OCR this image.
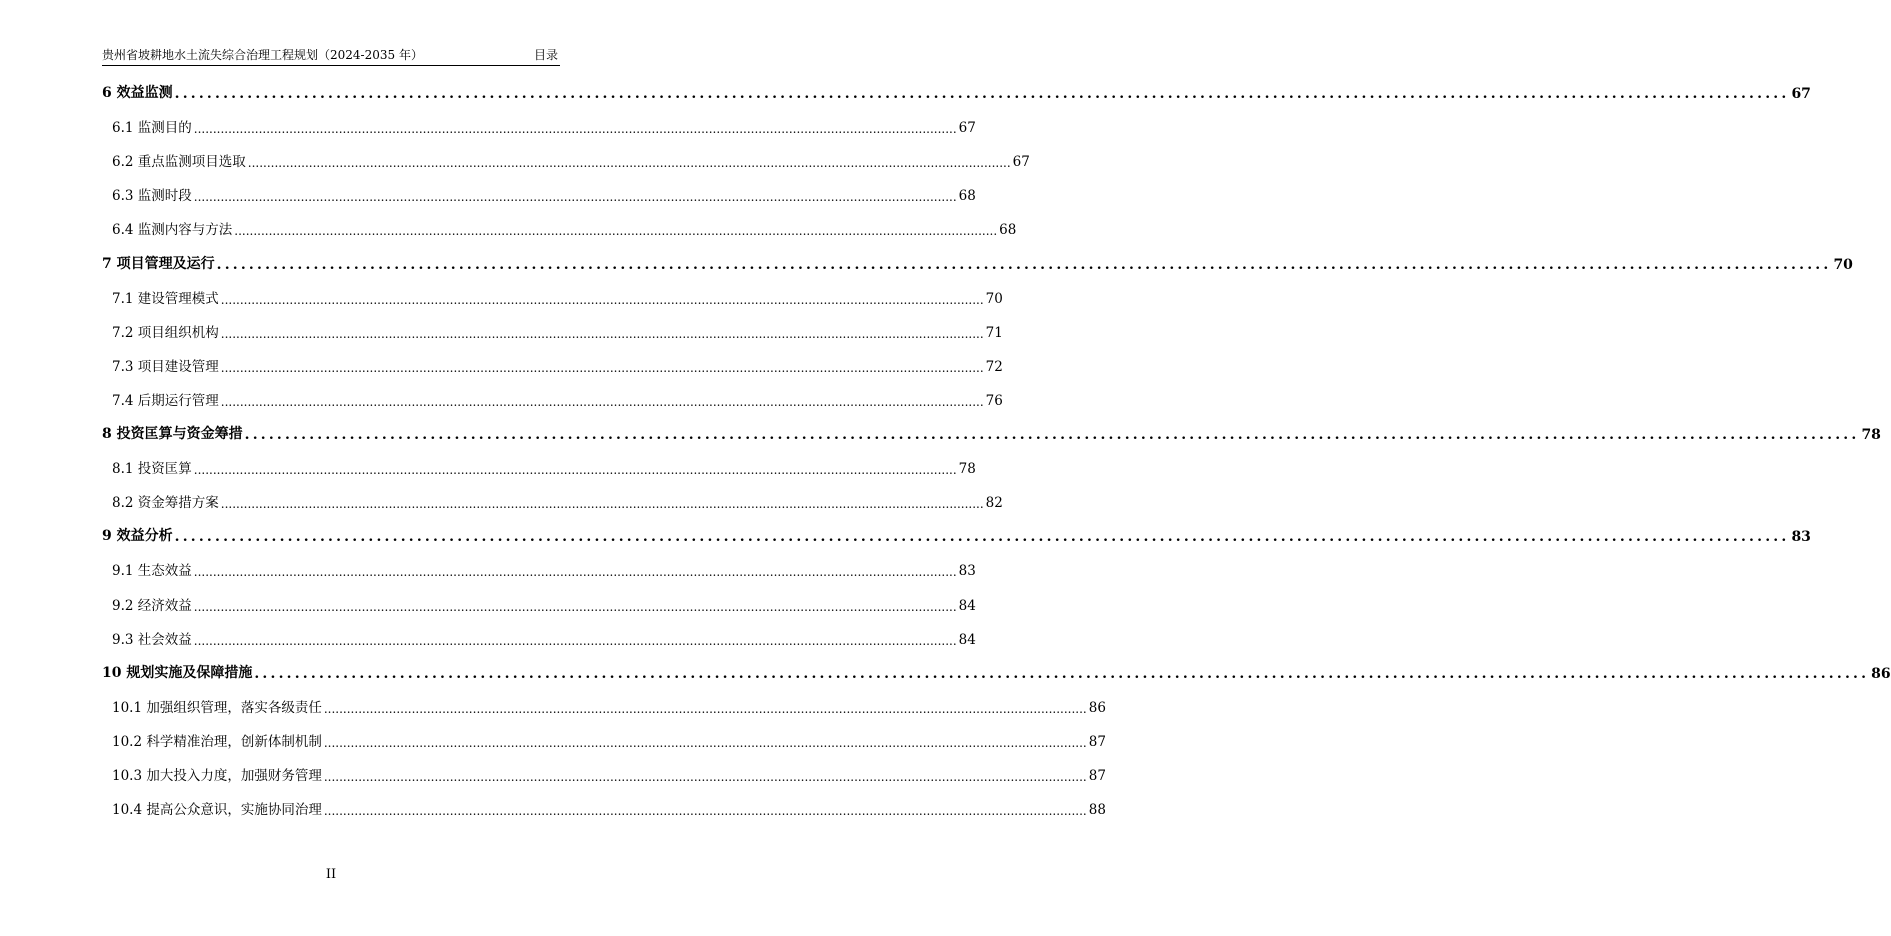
贵州省坡耕地水土流失综合治理工程规划（2024-2035 年）	目录
6 效益监测 ........................................................................................................................................................................................................ 67
6.1 监测目的 ........................................................................................................................................................................................................ 67
6.2 重点监测项目选取 ........................................................................................................................................................................................................ 67
6.3 监测时段 ........................................................................................................................................................................................................ 68
6.4 监测内容与方法 ........................................................................................................................................................................................................ 68
7 项目管理及运行 ........................................................................................................................................................................................................ 70
7.1 建设管理模式 ........................................................................................................................................................................................................ 70
7.2 项目组织机构 ........................................................................................................................................................................................................ 71
7.3 项目建设管理 ........................................................................................................................................................................................................ 72
7.4 后期运行管理 ........................................................................................................................................................................................................ 76
8 投资匡算与资金筹措 ........................................................................................................................................................................................................ 78
8.1 投资匡算 ........................................................................................................................................................................................................ 78
8.2 资金筹措方案 ........................................................................................................................................................................................................ 82
9 效益分析 ........................................................................................................................................................................................................ 83
9.1 生态效益 ........................................................................................................................................................................................................ 83
9.2 经济效益 ........................................................................................................................................................................................................ 84
9.3 社会效益 ........................................................................................................................................................................................................ 84
10 规划实施及保障措施 ........................................................................................................................................................................................................ 86
10.1 加强组织管理，落实各级责任 ........................................................................................................................................................................................................ 86
10.2 科学精准治理，创新体制机制 ........................................................................................................................................................................................................ 87
10.3 加大投入力度，加强财务管理 ........................................................................................................................................................................................................ 87
10.4 提高公众意识，实施协同治理 ........................................................................................................................................................................................................ 88
II
